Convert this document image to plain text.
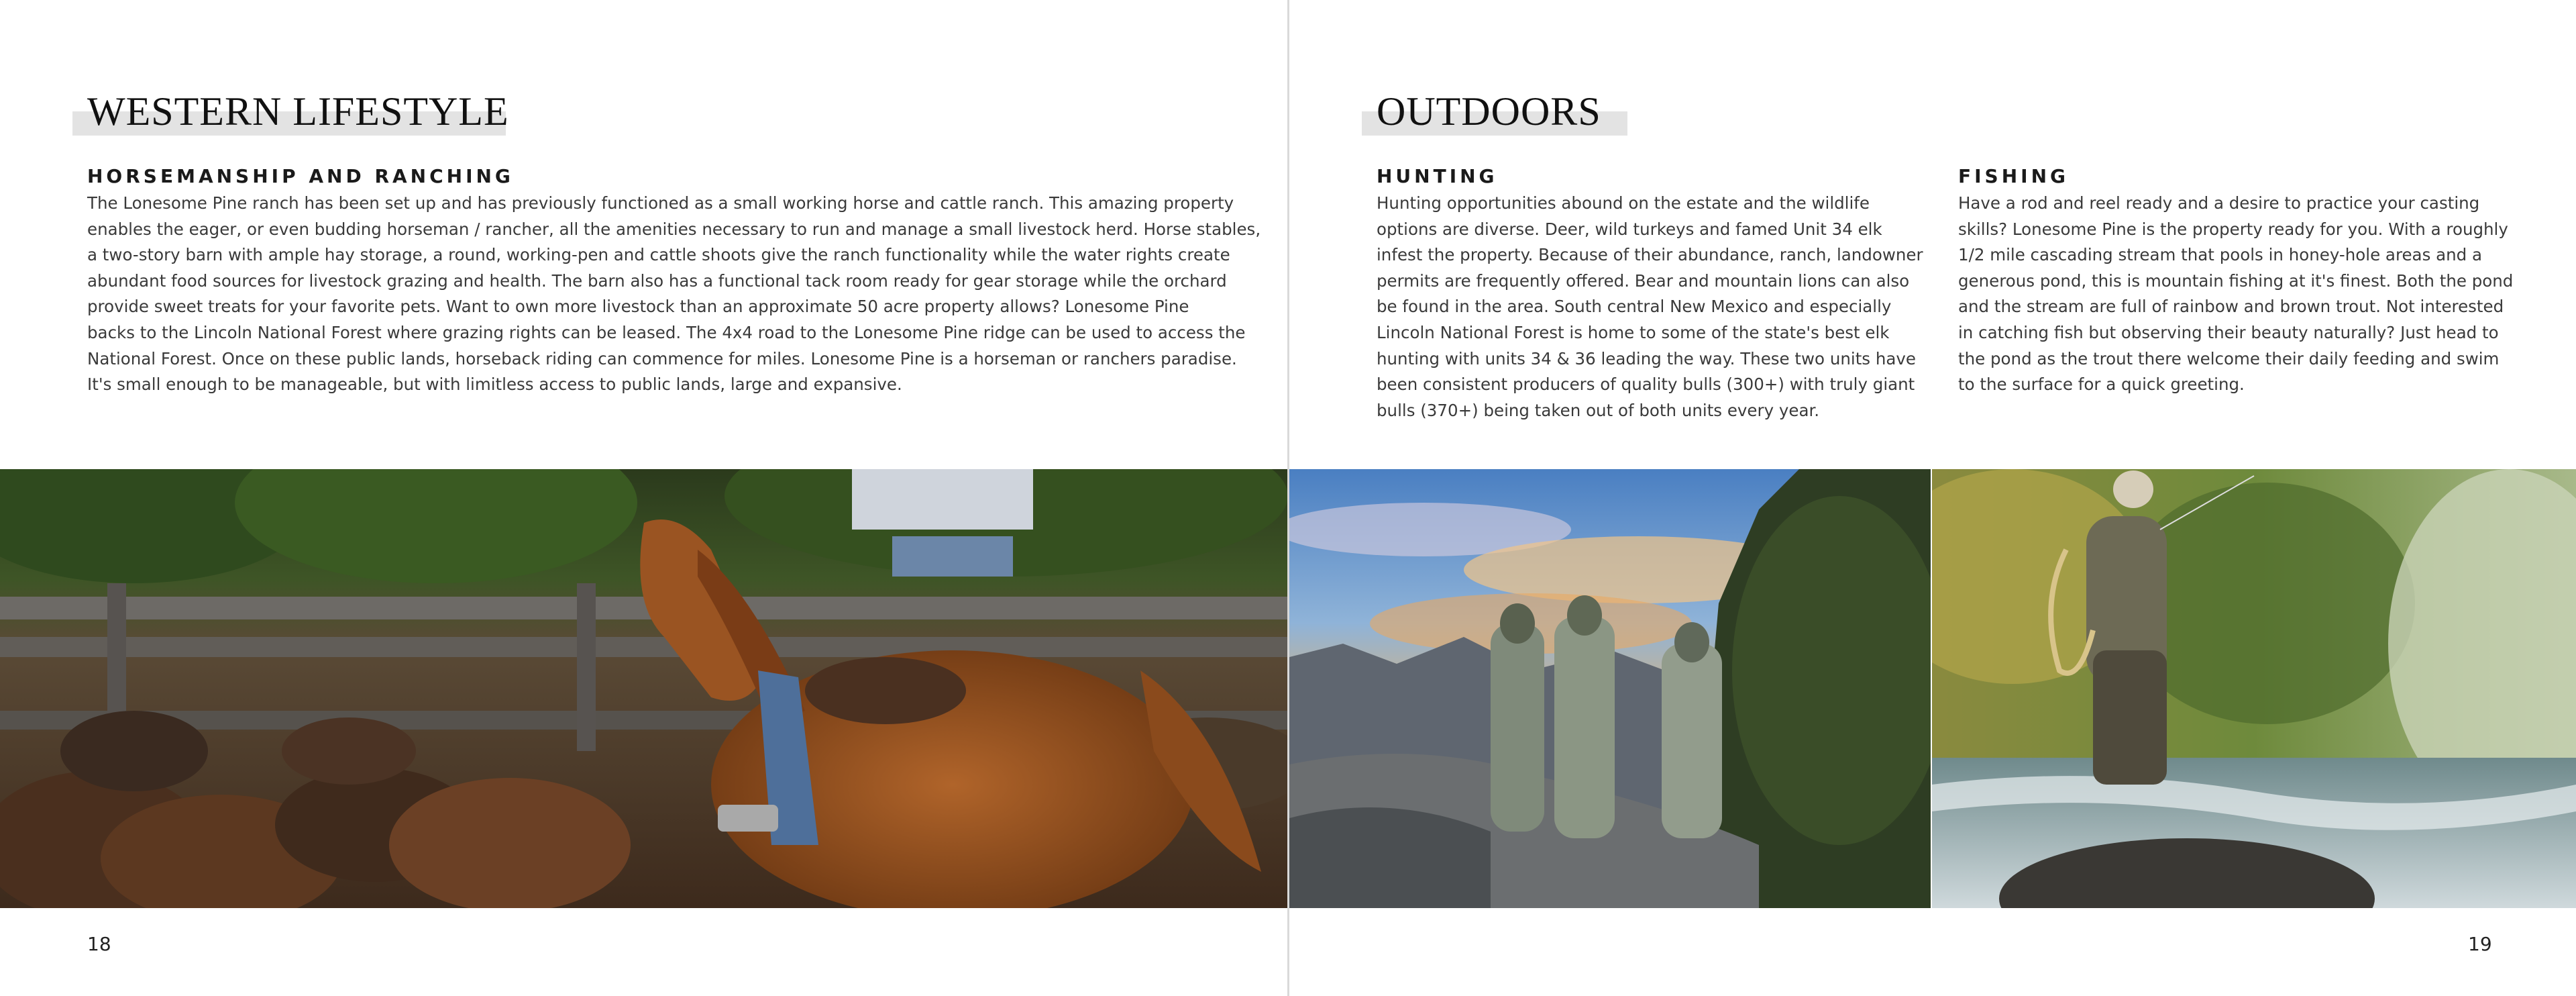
WESTERN LIFESTYLE
HORSEMANSHIP AND RANCHING
The Lonesome Pine ranch has been set up and has previously functioned as a small working horse and cattle ranch. This amazing property
enables the eager, or even budding horseman / rancher, all the amenities necessary to run and manage a small livestock herd. Horse stables,
a two-story barn with ample hay storage, a round, working-pen and cattle shoots give the ranch functionality while the water rights create
abundant food sources for livestock grazing and health. The barn also has a functional tack room ready for gear storage while the orchard
provide sweet treats for your favorite pets. Want to own more livestock than an approximate 50 acre property allows? Lonesome Pine
backs to the Lincoln National Forest where grazing rights can be leased. The 4x4 road to the Lonesome Pine ridge can be used to access the
National Forest. Once on these public lands, horseback riding can commence for miles. Lonesome Pine is a horseman or ranchers paradise.
It's small enough to be manageable, but with limitless access to public lands, large and expansive.
18
OUTDOORS
HUNTING
Hunting opportunities abound on the estate and the wildlife
options are diverse. Deer, wild turkeys and famed Unit 34 elk
infest the property. Because of their abundance, ranch, landowner
permits are frequently offered. Bear and mountain lions can also
be found in the area. South central New Mexico and especially
Lincoln National Forest is home to some of the state's best elk
hunting with units 34 & 36 leading the way. These two units have
been consistent producers of quality bulls (300+) with truly giant
bulls (370+) being taken out of both units every year.
FISHING
Have a rod and reel ready and a desire to practice your casting
skills? Lonesome Pine is the property ready for you. With a roughly
1/2 mile cascading stream that pools in honey-hole areas and a
generous pond, this is mountain fishing at it's finest. Both the pond
and the stream are full of rainbow and brown trout. Not interested
in catching fish but observing their beauty naturally? Just head to
the pond as the trout there welcome their daily feeding and swim
to the surface for a quick greeting.
19
